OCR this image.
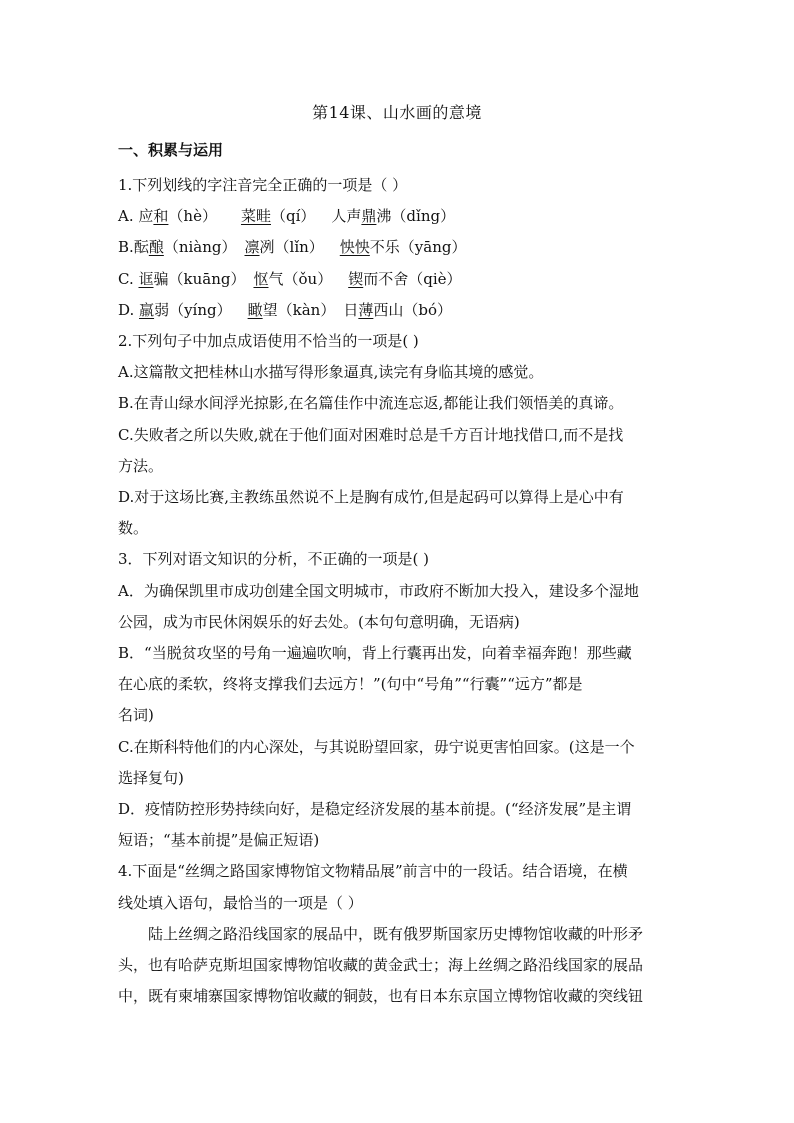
第14课、山水画的意境
一、积累与运用

1.下列划线的字注音完全正确的一项是（ ）

A. 应和（hè） 菜畦（qí） 人声鼎沸（dǐng）

B.酝酿（niàng） 凛冽（lǐn） 怏怏不乐（yāng）

C. 诓骗（kuāng） 怄气（ǒu） 锲而不舍（qiè）

D. 羸弱（yíng） 瞰望（kàn） 日薄西山（bó）

2.下列句子中加点成语使用不恰当的一项是( )

A.这篇散文把桂林山水描写得形象逼真,读完有身临其境的感觉。

B.在青山绿水间浮光掠影,在名篇佳作中流连忘返,都能让我们领悟美的真谛。

C.失败者之所以失败,就在于他们面对困难时总是千方百计地找借口,而不是找

方法。

D.对于这场比赛,主教练虽然说不上是胸有成竹,但是起码可以算得上是心中有

数。

3．下列对语文知识的分析，不正确的一项是( )

A．为确保凯里市成功创建全国文明城市，市政府不断加大投入，建设多个湿地

公园，成为市民休闲娱乐的好去处。(本句句意明确，无语病)

B．“当脱贫攻坚的号角一遍遍吹响，背上行囊再出发，向着幸福奔跑！那些藏

在心底的柔软，终将支撑我们去远方！”(句中“号角”“行囊”“远方”都是

名词)

C.在斯科特他们的内心深处，与其说盼望回家，毋宁说更害怕回家。(这是一个

选择复句)

D．疫情防控形势持续向好，是稳定经济发展的基本前提。(“经济发展”是主谓

短语；“基本前提”是偏正短语)

4.下面是“丝绸之路国家博物馆文物精品展”前言中的一段话。结合语境，在横

线处填入语句，最恰当的一项是（ ）

陆上丝绸之路沿线国家的展品中，既有俄罗斯国家历史博物馆收藏的叶形矛

头，也有哈萨克斯坦国家博物馆收藏的黄金武士；海上丝绸之路沿线国家的展品

中，既有柬埔寨国家博物馆收藏的铜鼓，也有日本东京国立博物馆收藏的突线钮
